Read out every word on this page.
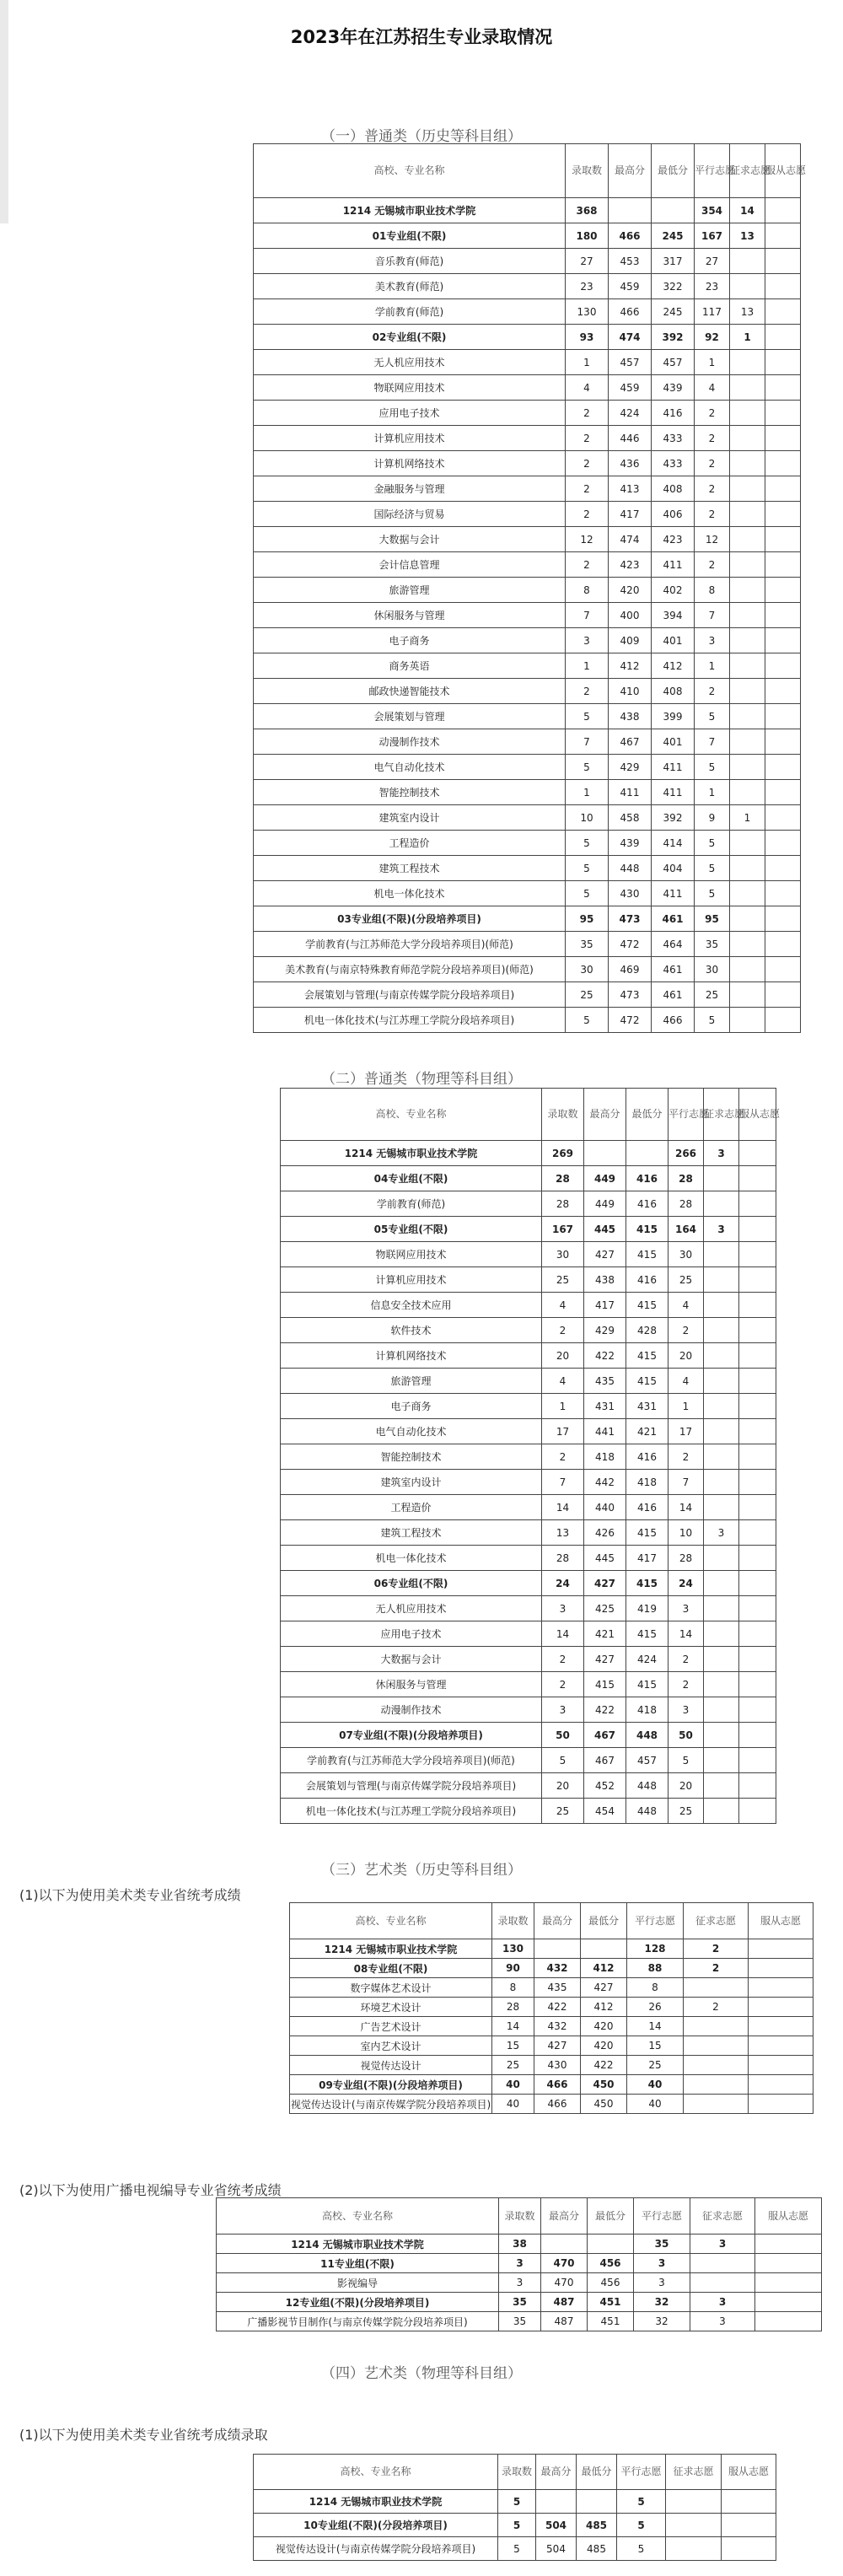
2023年在江苏招生专业录取情况
（一）普通类（历史等科目组）
高校、专业名称	录取数	最高分	最低分	平行志愿	征求志愿	服从志愿
1214 无锡城市职业技术学院	368			354	14	
01专业组(不限)	180	466	245	167	13	
音乐教育(师范)	27	453	317	27		
美术教育(师范)	23	459	322	23		
学前教育(师范)	130	466	245	117	13	
02专业组(不限)	93	474	392	92	1	
无人机应用技术	1	457	457	1		
物联网应用技术	4	459	439	4		
应用电子技术	2	424	416	2		
计算机应用技术	2	446	433	2		
计算机网络技术	2	436	433	2		
金融服务与管理	2	413	408	2		
国际经济与贸易	2	417	406	2		
大数据与会计	12	474	423	12		
会计信息管理	2	423	411	2		
旅游管理	8	420	402	8		
休闲服务与管理	7	400	394	7		
电子商务	3	409	401	3		
商务英语	1	412	412	1		
邮政快递智能技术	2	410	408	2		
会展策划与管理	5	438	399	5		
动漫制作技术	7	467	401	7		
电气自动化技术	5	429	411	5		
智能控制技术	1	411	411	1		
建筑室内设计	10	458	392	9	1	
工程造价	5	439	414	5		
建筑工程技术	5	448	404	5		
机电一体化技术	5	430	411	5		
03专业组(不限)(分段培养项目)	95	473	461	95		
学前教育(与江苏师范大学分段培养项目)(师范)	35	472	464	35		
美术教育(与南京特殊教育师范学院分段培养项目)(师范)	30	469	461	30		
会展策划与管理(与南京传媒学院分段培养项目)	25	473	461	25		
机电一体化技术(与江苏理工学院分段培养项目)	5	472	466	5		
（二）普通类（物理等科目组）
高校、专业名称	录取数	最高分	最低分	平行志愿	征求志愿	服从志愿
1214 无锡城市职业技术学院	269			266	3	
04专业组(不限)	28	449	416	28		
学前教育(师范)	28	449	416	28		
05专业组(不限)	167	445	415	164	3	
物联网应用技术	30	427	415	30		
计算机应用技术	25	438	416	25		
信息安全技术应用	4	417	415	4		
软件技术	2	429	428	2		
计算机网络技术	20	422	415	20		
旅游管理	4	435	415	4		
电子商务	1	431	431	1		
电气自动化技术	17	441	421	17		
智能控制技术	2	418	416	2		
建筑室内设计	7	442	418	7		
工程造价	14	440	416	14		
建筑工程技术	13	426	415	10	3	
机电一体化技术	28	445	417	28		
06专业组(不限)	24	427	415	24		
无人机应用技术	3	425	419	3		
应用电子技术	14	421	415	14		
大数据与会计	2	427	424	2		
休闲服务与管理	2	415	415	2		
动漫制作技术	3	422	418	3		
07专业组(不限)(分段培养项目)	50	467	448	50		
学前教育(与江苏师范大学分段培养项目)(师范)	5	467	457	5		
会展策划与管理(与南京传媒学院分段培养项目)	20	452	448	20		
机电一体化技术(与江苏理工学院分段培养项目)	25	454	448	25		
（三）艺术类（历史等科目组）
(1)以下为使用美术类专业省统考成绩
高校、专业名称	录取数	最高分	最低分	平行志愿	征求志愿	服从志愿
1214 无锡城市职业技术学院	130			128	2	
08专业组(不限)	90	432	412	88	2	
数字媒体艺术设计	8	435	427	8		
环境艺术设计	28	422	412	26	2	
广告艺术设计	14	432	420	14		
室内艺术设计	15	427	420	15		
视觉传达设计	25	430	422	25		
09专业组(不限)(分段培养项目)	40	466	450	40		
视觉传达设计(与南京传媒学院分段培养项目)	40	466	450	40		
(2)以下为使用广播电视编导专业省统考成绩
高校、专业名称	录取数	最高分	最低分	平行志愿	征求志愿	服从志愿
1214 无锡城市职业技术学院	38			35	3	
11专业组(不限)	3	470	456	3		
影视编导	3	470	456	3		
12专业组(不限)(分段培养项目)	35	487	451	32	3	
广播影视节目制作(与南京传媒学院分段培养项目)	35	487	451	32	3	
（四）艺术类（物理等科目组）
高校、专业名称	录取数	最高分	最低分	平行志愿	征求志愿	服从志愿
1214 无锡城市职业技术学院	5			5		
10专业组(不限)(分段培养项目)	5	504	485	5		
视觉传达设计(与南京传媒学院分段培养项目)	5	504	485	5		
(1)以下为使用美术类专业省统考成绩录取
